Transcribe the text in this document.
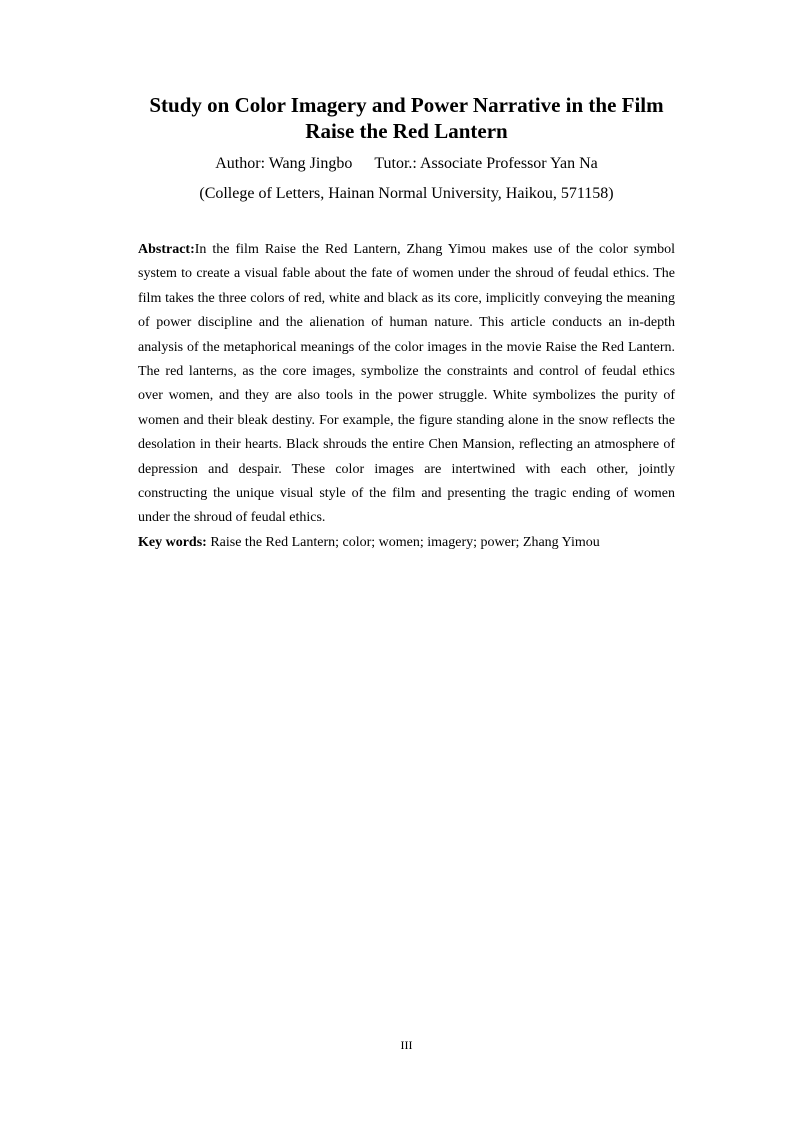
Study on Color Imagery and Power Narrative in the Film
Raise the Red Lantern
Author: Wang Jingbo Tutor.: Associate Professor Yan Na
(College of Letters, Hainan Normal University, Haikou, 571158)
Abstract:In the film Raise the Red Lantern, Zhang Yimou makes use of the color symbol
system to create a visual fable about the fate of women under the shroud of feudal ethics. The
film takes the three colors of red, white and black as its core, implicitly conveying the meaning
of power discipline and the alienation of human nature. This article conducts an in-depth
analysis of the metaphorical meanings of the color images in the movie Raise the Red Lantern.
The red lanterns, as the core images, symbolize the constraints and control of feudal ethics
over women, and they are also tools in the power struggle. White symbolizes the purity of
women and their bleak destiny. For example, the figure standing alone in the snow reflects the
desolation in their hearts. Black shrouds the entire Chen Mansion, reflecting an atmosphere of
depression and despair. These color images are intertwined with each other, jointly
constructing the unique visual style of the film and presenting the tragic ending of women
under the shroud of feudal ethics.
Key words: Raise the Red Lantern; color; women; imagery; power; Zhang Yimou
III
